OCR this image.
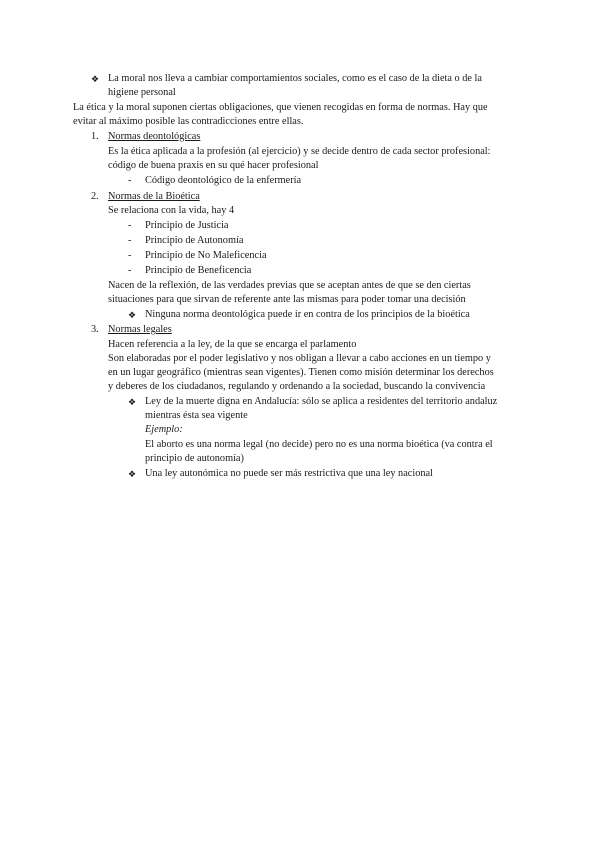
❖ La moral nos lleva a cambiar comportamientos sociales, como es el caso de la dieta o de la
higiene personal
La ética y la moral suponen ciertas obligaciones, que vienen recogidas en forma de normas. Hay que
evitar al máximo posible las contradicciones entre ellas.
1. Normas deontológicas
Es la ética aplicada a la profesión (al ejercicio) y se decide dentro de cada sector profesional:
código de buena praxis en su qué hacer profesional
- Código deontológico de la enfermería
2. Normas de la Bioética
Se relaciona con la vida, hay 4
- Principio de Justicia
- Principio de Autonomía
- Principio de No Maleficencia
- Principio de Beneficencia
Nacen de la reflexión, de las verdades previas que se aceptan antes de que se den ciertas
situaciones para que sirvan de referente ante las mismas para poder tomar una decisión
❖ Ninguna norma deontológica puede ir en contra de los principios de la bioética
3. Normas legales
Hacen referencia a la ley, de la que se encarga el parlamento
Son elaboradas por el poder legislativo y nos obligan a llevar a cabo acciones en un tiempo y
en un lugar geográfico (mientras sean vigentes). Tienen como misión determinar los derechos
y deberes de los ciudadanos, regulando y ordenando a la sociedad, buscando la convivencia
❖ Ley de la muerte digna en Andalucía: sólo se aplica a residentes del territorio andaluz
mientras ésta sea vigente
Ejemplo:
El aborto es una norma legal (no decide) pero no es una norma bioética (va contra el
principio de autonomía)
❖ Una ley autonómica no puede ser más restrictiva que una ley nacional
